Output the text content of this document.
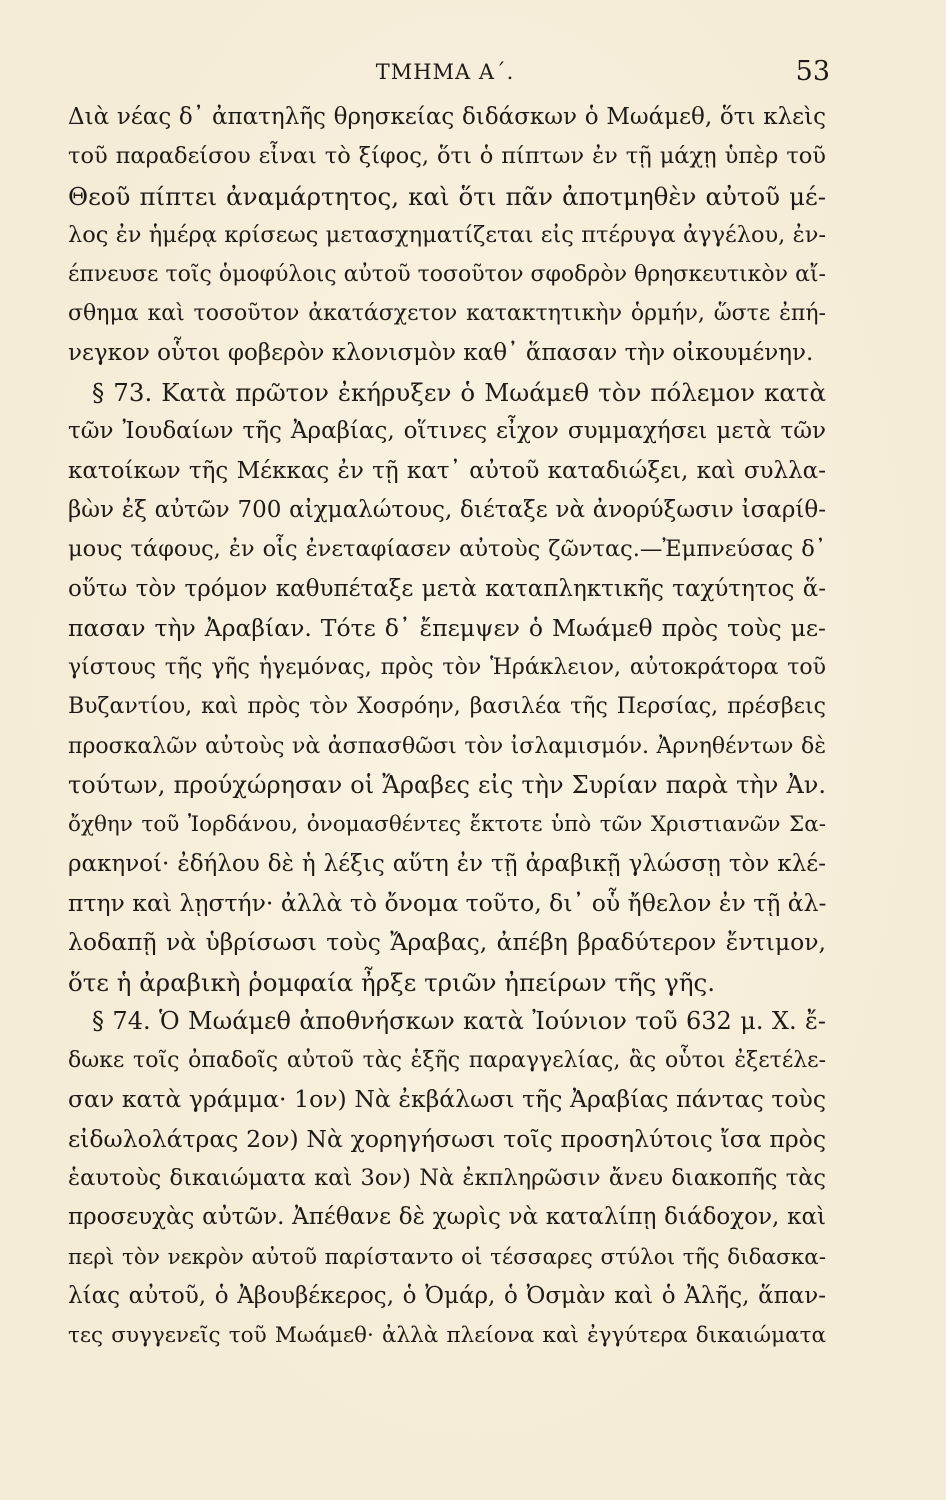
ΤΜΗΜΑ Α΄.	53
Διὰ νέας δ᾿ ἀπατηλῆς θρησκείας διδάσκων ὁ Μωάμεθ, ὅτι κλεὶς
τοῦ παραδείσου εἶναι τὸ ξίφος, ὅτι ὁ πίπτων ἐν τῇ μάχῃ ὑπὲρ τοῦ
Θεοῦ πίπτει ἀναμάρτητος, καὶ ὅτι πᾶν ἀποτμηθὲν αὐτοῦ μέ-
λος ἐν ἡμέρᾳ κρίσεως μετασχηματίζεται εἰς πτέρυγα ἀγγέλου, ἐν-
έπνευσε τοῖς ὁμοφύλοις αὐτοῦ τοσοῦτον σφοδρὸν θρησκευτικὸν αἴ-
σθημα καὶ τοσοῦτον ἀκατάσχετον κατακτητικὴν ὁρμήν, ὥστε ἐπή-
νεγκον οὗτοι φοβερὸν κλονισμὸν καθ᾿ ἅπασαν τὴν οἰκουμένην.
§ 73. Κατὰ πρῶτον ἐκήρυξεν ὁ Μωάμεθ τὸν πόλεμον κατὰ
τῶν Ἰουδαίων τῆς Ἀραβίας, οἵτινες εἶχον συμμαχήσει μετὰ τῶν
κατοίκων τῆς Μέκκας ἐν τῇ κατ᾿ αὐτοῦ καταδιώξει, καὶ συλλα-
βὼν ἐξ αὐτῶν 700 αἰχμαλώτους, διέταξε νὰ ἀνορύξωσιν ἰσαρίθ-
μους τάφους, ἐν οἷς ἐνεταφίασεν αὐτοὺς ζῶντας.—Ἐμπνεύσας δ᾿
οὕτω τὸν τρόμον καθυπέταξε μετὰ καταπληκτικῆς ταχύτητος ἅ-
πασαν τὴν Ἀραβίαν. Τότε δ᾿ ἔπεμψεν ὁ Μωάμεθ πρὸς τοὺς με-
γίστους τῆς γῆς ἡγεμόνας, πρὸς τὸν Ἡράκλειον, αὐτοκράτορα τοῦ
Βυζαντίου, καὶ πρὸς τὸν Χοσρόην, βασιλέα τῆς Περσίας, πρέσβεις
προσκαλῶν αὐτοὺς νὰ ἀσπασθῶσι τὸν ἰσλαμισμόν. Ἀρνηθέντων δὲ
τούτων, προύχώρησαν οἱ Ἄραβες εἰς τὴν Συρίαν παρὰ τὴν Ἀν.
ὄχθην τοῦ Ἰορδάνου, ὀνομασθέντες ἔκτοτε ὑπὸ τῶν Χριστιανῶν Σα-
ρακηνοί· ἐδήλου δὲ ἡ λέξις αὕτη ἐν τῇ ἀραβικῇ γλώσσῃ τὸν κλέ-
πτην καὶ λῃστήν· ἀλλὰ τὸ ὄνομα τοῦτο, δι᾿ οὗ ἤθελον ἐν τῇ ἀλ-
λοδαπῇ νὰ ὑβρίσωσι τοὺς Ἄραβας, ἀπέβη βραδύτερον ἔντιμον,
ὅτε ἡ ἀραβικὴ ῥομφαία ἦρξε τριῶν ἠπείρων τῆς γῆς.
§ 74. Ὁ Μωάμεθ ἀποθνήσκων κατὰ Ἰούνιον τοῦ 632 μ. Χ. ἔ-
δωκε τοῖς ὀπαδοῖς αὐτοῦ τὰς ἑξῆς παραγγελίας, ἃς οὗτοι ἐξετέλε-
σαν κατὰ γράμμα· 1ον) Νὰ ἐκβάλωσι τῆς Ἀραβίας πάντας τοὺς
εἰδωλολάτρας 2ον) Νὰ χορηγήσωσι τοῖς προσηλύτοις ἴσα πρὸς
ἑαυτοὺς δικαιώματα καὶ 3ον) Νὰ ἐκπληρῶσιν ἄνευ διακοπῆς τὰς
προσευχὰς αὐτῶν. Ἀπέθανε δὲ χωρὶς νὰ καταλίπῃ διάδοχον, καὶ
περὶ τὸν νεκρὸν αὐτοῦ παρίσταντο οἱ τέσσαρες στύλοι τῆς διδασκα-
λίας αὐτοῦ, ὁ Ἀβουβέκερος, ὁ Ὀμάρ, ὁ Ὀσμὰν καὶ ὁ Ἀλῆς, ἅπαν-
τες συγγενεῖς τοῦ Μωάμεθ· ἀλλὰ πλείονα καὶ ἐγγύτερα δικαιώματα
